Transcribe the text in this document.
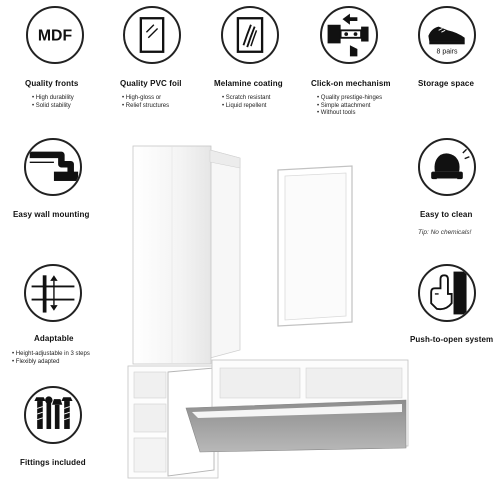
MDF
Quality fronts
• High durability
• Solid stability
Quality PVC foil
• High-gloss or
• Relief structures
Melamine coating
• Scratch resistant
• Liquid repellent
Click-on mechanism
• Quality prestige-hinges
• Simple attachment
• Without tools
8 pairs
Storage space
Easy wall mounting	Easy to clean
Tip: No chemicals!
Adaptable
• Height-adjustable in 3 steps
• Flexibly adapted
Push-to-open system
Fittings included
